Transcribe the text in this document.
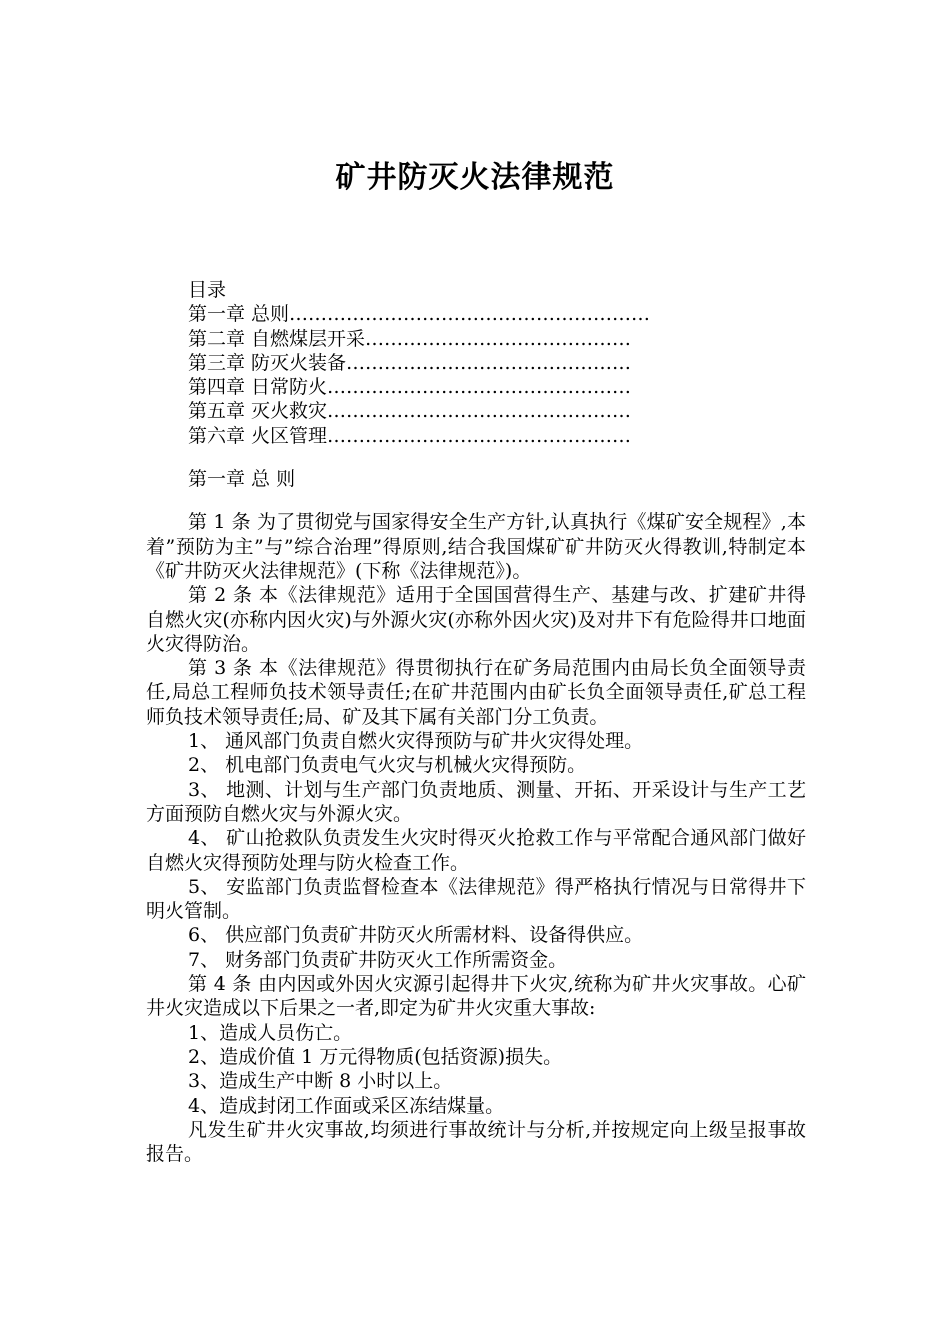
矿井防灭火法律规范

目录

第一章 总则…………………………………………………

第二章 自燃煤层开采……………………………………

第三章 防灭火装备………………………………………

第四章 日常防火…………………………………………

第五章 灭火救灾…………………………………………

第六章 火区管理…………………………………………

第一章 总 则

第 1 条 为了贯彻党与国家得安全生产方针,认真执行《煤矿安全规程》,本着”预防为主”与”综合治理”得原则,结合我国煤矿矿井防灭火得教训,特制定本《矿井防灭火法律规范》(下称《法律规范》)。

第 2 条 本《法律规范》适用于全国国营得生产、基建与改、扩建矿井得自燃火灾(亦称内因火灾)与外源火灾(亦称外因火灾)及对井下有危险得井口地面火灾得防治。

第 3 条 本《法律规范》得贯彻执行在矿务局范围内由局长负全面领导责任,局总工程师负技术领导责任;在矿井范围内由矿长负全面领导责任,矿总工程师负技术领导责任;局、矿及其下属有关部门分工负责。

1、 通风部门负责自燃火灾得预防与矿井火灾得处理。

2、 机电部门负责电气火灾与机械火灾得预防。

3、 地测、计划与生产部门负责地质、测量、开拓、开采设计与生产工艺方面预防自燃火灾与外源火灾。

4、 矿山抢救队负责发生火灾时得灭火抢救工作与平常配合通风部门做好自燃火灾得预防处理与防火检查工作。

5、 安监部门负责监督检查本《法律规范》得严格执行情况与日常得井下明火管制。

6、 供应部门负责矿井防灭火所需材料、设备得供应。

7、 财务部门负责矿井防灭火工作所需资金。

第 4 条 由内因或外因火灾源引起得井下火灾,统称为矿井火灾事故。心矿井火灾造成以下后果之一者,即定为矿井火灾重大事故:

1、造成人员伤亡。

2、造成价值 1 万元得物质(包括资源)损失。

3、造成生产中断 8 小时以上。

4、造成封闭工作面或采区冻结煤量。

凡发生矿井火灾事故,均须进行事故统计与分析,并按规定向上级呈报事故报告。
